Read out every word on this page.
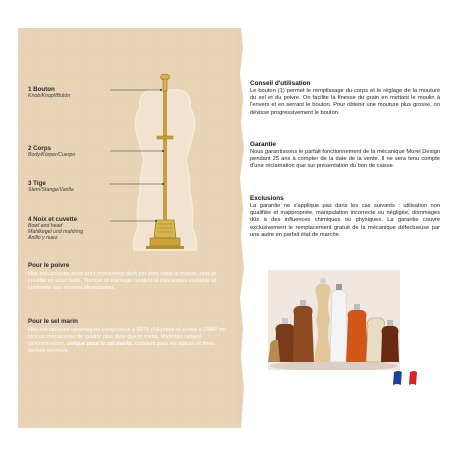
1 Bouton
Knob/Knopf/Botón
2 Corps
Body/Körper/Cuerpo
3 Tige
Stem/Stange/Varilla
4 Noix et cuvette
Bowl and head
Mahlkegel und mahlring
Anillo y nuez
Pour le poivre

Nos mécaniques acier sont mortaisées dent par dent dans la masse, noix et cuvette en acier taillé. Trempe et étamage rendent la mécanique inusable et conforme aux normes alimentaires.

Pour le sel marin

Nos mécaniques céramiques composées à 99 % d'alumine et cuites à 1680° en font un mécanisme de qualité plus dure que le métal. Matériau naturel (anticorrosion), unique pour le sel marin, convient pour les épices et fines herbes séchées.

Conseil d'utilisation

Le bouton (1) permet le remplissage du corps et le réglage de la mouture du sel et du poivre. On facilite la finesse du grain en mettant le moulin à l'envers et en serrant le bouton. Pour obtenir une mouture plus grosse, on dévisse progressivement le bouton.

Garantie

Nous garantissons le parfait fonctionnement de la mécanique Morel Design pendant 25 ans à compter de la date de la vente. Il ne sera tenu compte d'une réclamation que sur présentation du bon de caisse.

Exclusions

La garantie ne s'applique pas dans les cas suivants : utilisation non qualifiée et inappropriée, manipulation incorrecte ou négligée, dommages dûs à des influences chimiques ou physiques. La garantie couvre exclusivement le remplacement gratuit de la mécanique défectueuse par une autre en parfait état de marche.
